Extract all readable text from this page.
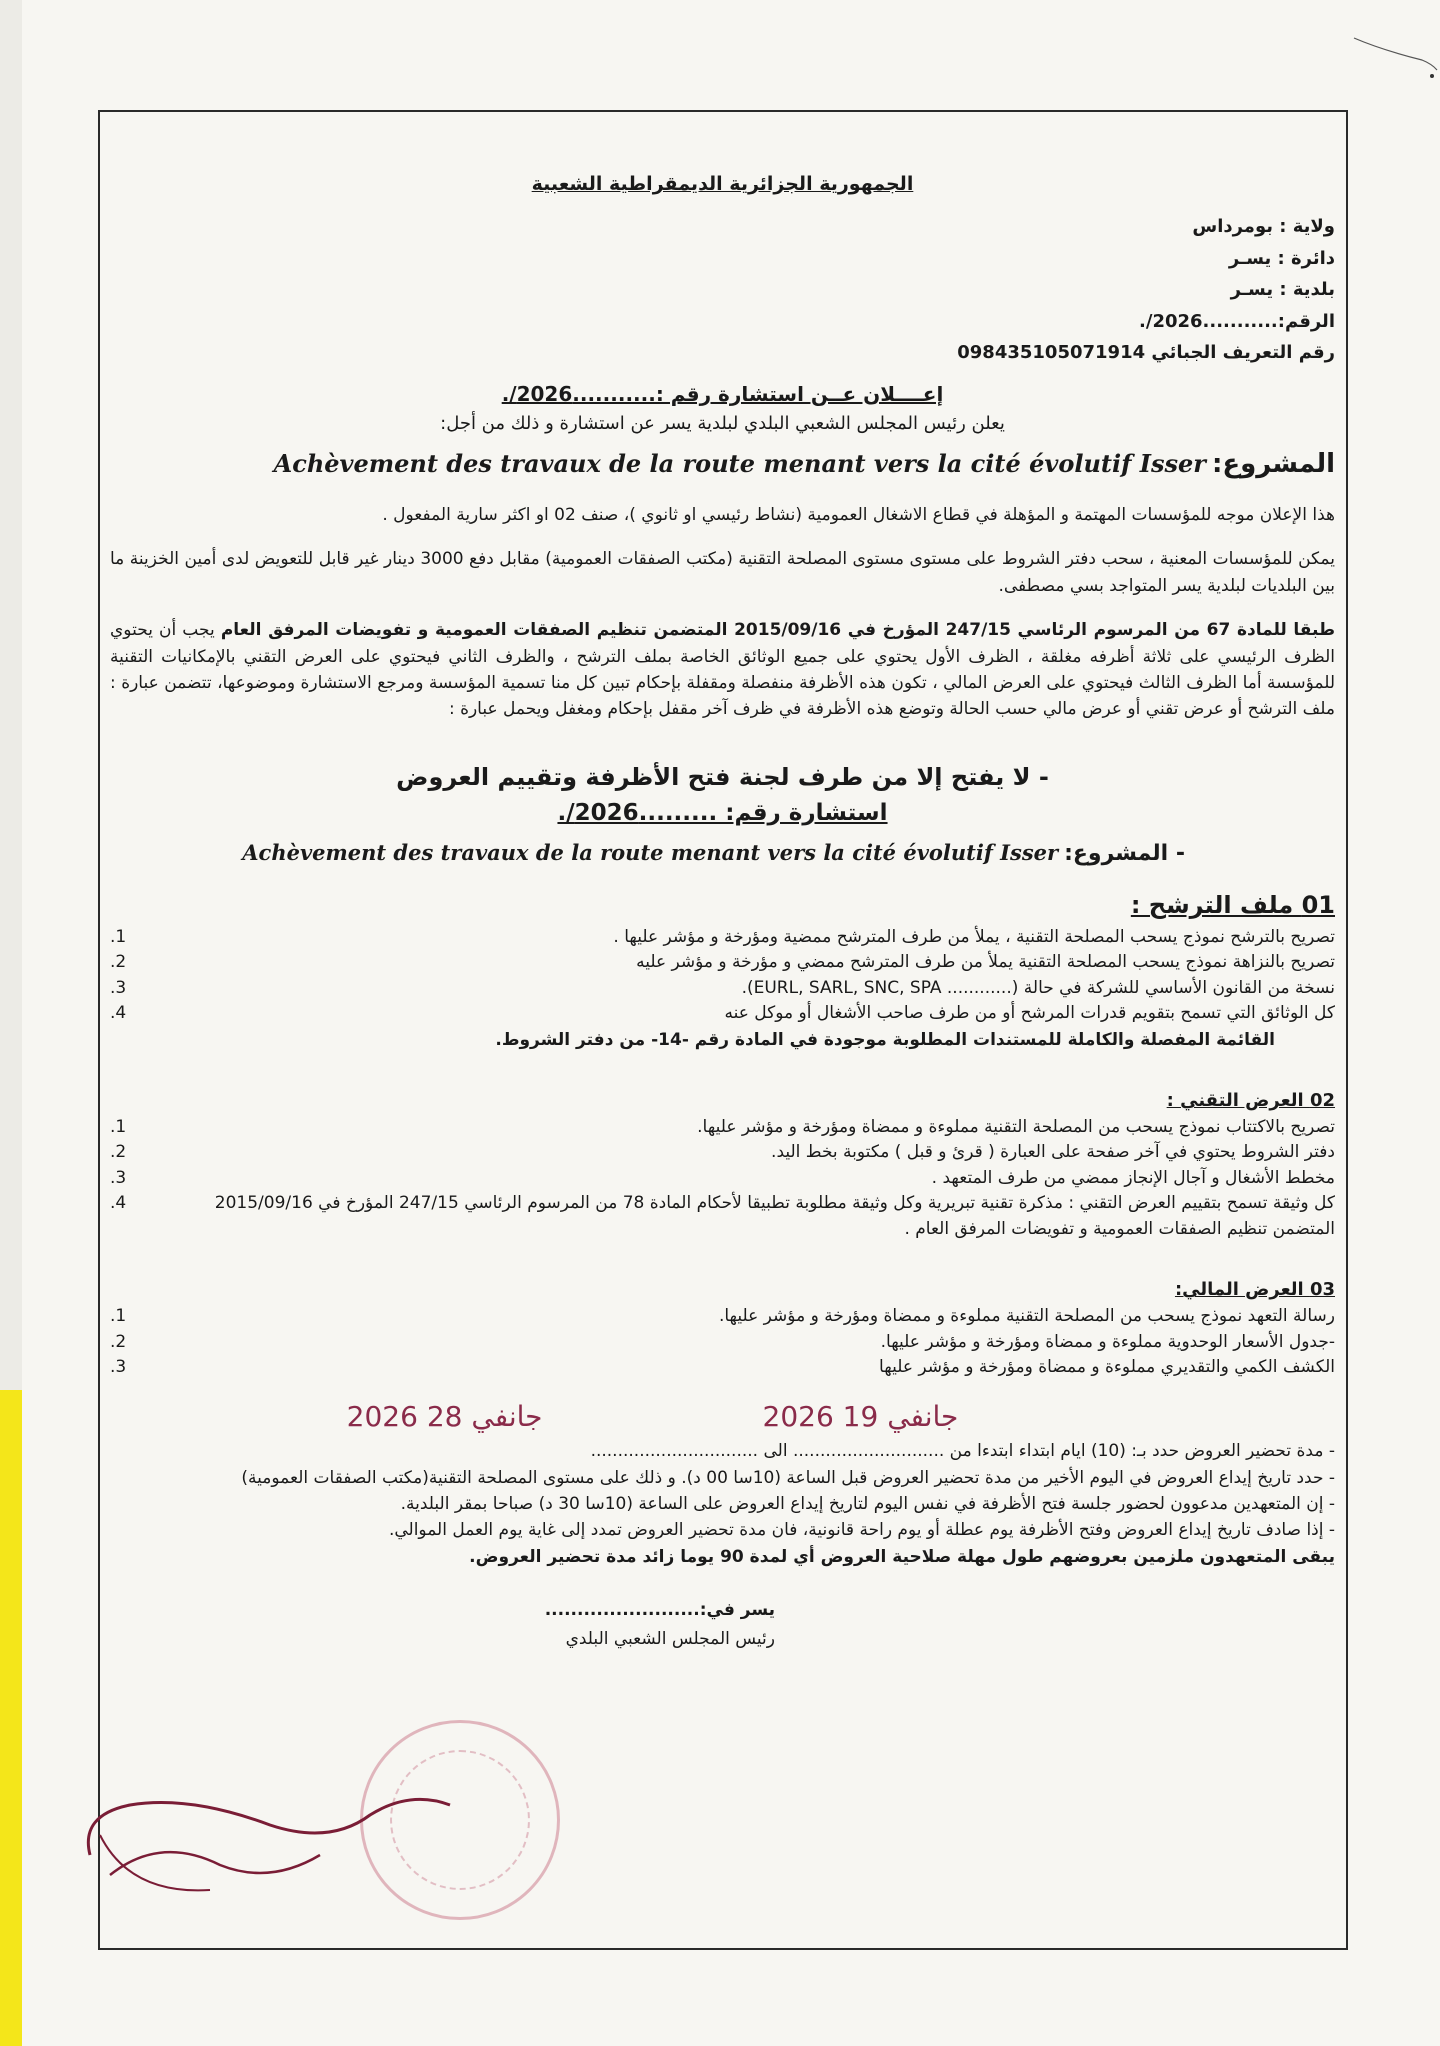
الجمهورية الجزائرية الديمقراطية الشعبية
ولاية : بومرداس
دائرة : يسـر
بلدية : يسـر
الرقم:...........2026/.
رقم التعريف الجبائي 09843510507191‎4
إعــــلان عــن استشارة رقم :...........2026/.
يعلن رئيس المجلس الشعبي البلدي لبلدية يسر عن استشارة و ذلك من أجل:
المشروع:
Achèvement des travaux de la route menant vers la cité évolutif Isser

هذا الإعلان موجه للمؤسسات المهتمة و المؤهلة في قطاع الاشغال العمومية (نشاط رئيسي او ثانوي )، صنف 02 او اكثر سارية المفعول .

يمكن للمؤسسات المعنية ، سحب دفتر الشروط على مستوى مستوى المصلحة التقنية (مكتب الصفقات العمومية) مقابل دفع 3000 دينار غير قابل للتعويض لدى أمين الخزينة ما بين البلديات لبلدية يسر المتواجد بسي مصطفى.

طبقا للمادة 67 من المرسوم الرئاسي 247/15 المؤرخ في 2015/09/16 المتضمن تنظيم الصفقات العمومية و تفويضات المرفق العام يجب أن يحتوي الظرف الرئيسي على ثلاثة أظرفه مغلقة ، الظرف الأول يحتوي على جميع الوثائق الخاصة بملف الترشح ، والظرف الثاني فيحتوي على العرض التقني بالإمكانيات التقنية للمؤسسة أما الظرف الثالث فيحتوي على العرض المالي ، تكون هذه الأظرفة منفصلة ومقفلة بإحكام تبين كل منا تسمية المؤسسة ومرجع الاستشارة وموضوعها، تتضمن عبارة : ملف الترشح أو عرض تقني أو عرض مالي حسب الحالة وتوضع هذه الأظرفة في ظرف آخر مقفل بإحكام ومغفل ويحمل عبارة :

- لا يفتح إلا من طرف لجنة فتح الأظرفة وتقييم العروض
استشارة رقم: .........2026/.
- المشروع:
Achèvement des travaux de la route menant vers la cité évolutif Isser
01 ملف الترشح :
تصريح بالترشح نموذج يسحب المصلحة التقنية ، يملأ من طرف المترشح ممضية ومؤرخة و مؤشر عليها .
.1
تصريح بالنزاهة نموذج يسحب المصلحة التقنية يملأ من طرف المترشح ممضي و مؤرخة و مؤشر عليه
.2
نسخة من القانون الأساسي للشركة في حالة (............ EURL, SARL, SNC, SPA).
.3
كل الوثائق التي تسمح بتقويم قدرات المرشح أو من طرف صاحب الأشغال أو موكل عنه
.4
القائمة المفصلة والكاملة للمستندات المطلوبة موجودة في المادة رقم -14- من دفتر الشروط.
02 العرض التقني :
تصريح بالاكتتاب نموذج يسحب من المصلحة التقنية مملوءة و ممضاة ومؤرخة و مؤشر عليها.
.1
دفتر الشروط يحتوي في آخر صفحة على العبارة ( قرئ و قبل ) مكتوبة بخط اليد.
.2
مخطط الأشغال و آجال الإنجاز ممضي من طرف المتعهد .
.3
كل وثيقة تسمح بتقييم العرض التقني : مذكرة تقنية تبريرية وكل وثيقة مطلوبة تطبيقا لأحكام المادة 78 من المرسوم الرئاسي 247/15 المؤرخ في 2015/09/16 المتضمن تنظيم الصفقات العمومية و تفويضات المرفق العام .
.4
03 العرض المالي:
رسالة التعهد نموذج يسحب من المصلحة التقنية مملوءة و ممضاة ومؤرخة و مؤشر عليها.
.1
-جدول الأسعار الوحدوية مملوءة و ممضاة ومؤرخة و مؤشر عليها.
.2
الكشف الكمي والتقديري مملوءة و ممضاة ومؤرخة و مؤشر عليها
.3
2026 جانفي 28	2026 جانفي 19
- مدة تحضير العروض حدد بـ: (10) ايام ابتداء ابتدءا من ............................ الى ...............................
- حدد تاريخ إيداع العروض في اليوم الأخير من مدة تحضير العروض قبل الساعة (10سا 00 د). و ذلك على مستوى المصلحة التقنية(مكتب الصفقات العمومية)
- إن المتعهدين مدعوون لحضور جلسة فتح الأظرفة في نفس اليوم لتاريخ إيداع العروض على الساعة (10سا 30 د) صباحا بمقر البلدية.
- إذا صادف تاريخ إيداع العروض وفتح الأظرفة يوم عطلة أو يوم راحة قانونية، فان مدة تحضير العروض تمدد إلى غاية يوم العمل الموالي.
يبقى المتعهدون ملزمين بعروضهم طول مهلة صلاحية العروض أي لمدة 90 يوما زائد مدة تحضير العروض.
يسر في:........................
رئيس المجلس الشعبي البلدي
